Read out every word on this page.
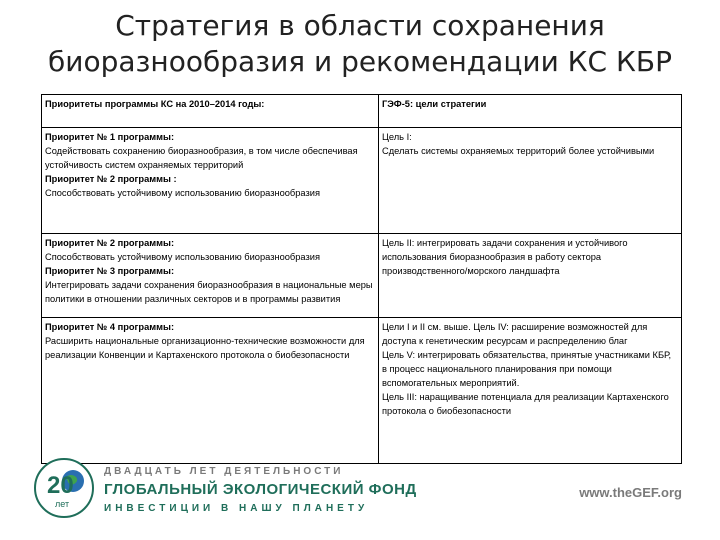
Стратегия в области сохранения
биоразнообразия и рекомендации КС КБР
Приоритеты программы КС на 2010–2014 годы:	ГЭФ-5: цели стратегии

Приоритет № 1 программы:
Содействовать сохранению биоразнообразия, в том числе обеспечивая устойчивость систем охраняемых территорий
Приоритет № 2 программы :
Способствовать устойчивому использованию биоразнообразия	Цель I:
Сделать системы охраняемых территорий более устойчивыми

Приоритет № 2 программы:
Способствовать устойчивому использованию биоразнообразия
Приоритет № 3 программы:
Интегрировать задачи сохранения биоразнообразия в национальные меры политики в отношении различных секторов и в программы развития	Цель II: интегрировать задачи сохранения и устойчивого использования биоразнообразия в работу сектора производственного/морского ландшафта

Приоритет № 4 программы:
Расширить национальные организационно-технические возможности для реализации Конвенции и Картахенского протокола о биобезопасности	Цели I и II см. выше. Цель IV: расширение возможностей для доступа к генетическим ресурсам и распределению благ
Цель V: интегрировать обязательства, принятые участниками КБР, в процесс национального планирования при помощи вспомогательных мероприятий.
Цель III: наращивание потенциала для реализации Картахенского протокола о биобезопасности
20
лет
ДВАДЦАТЬ ЛЕТ ДЕЯТЕЛЬНОСТИ
ГЛОБАЛЬНЫЙ ЭКОЛОГИЧЕСКИЙ ФОНД
ИНВЕСТИЦИИ В НАШУ ПЛАНЕТУ
www.theGEF.org
